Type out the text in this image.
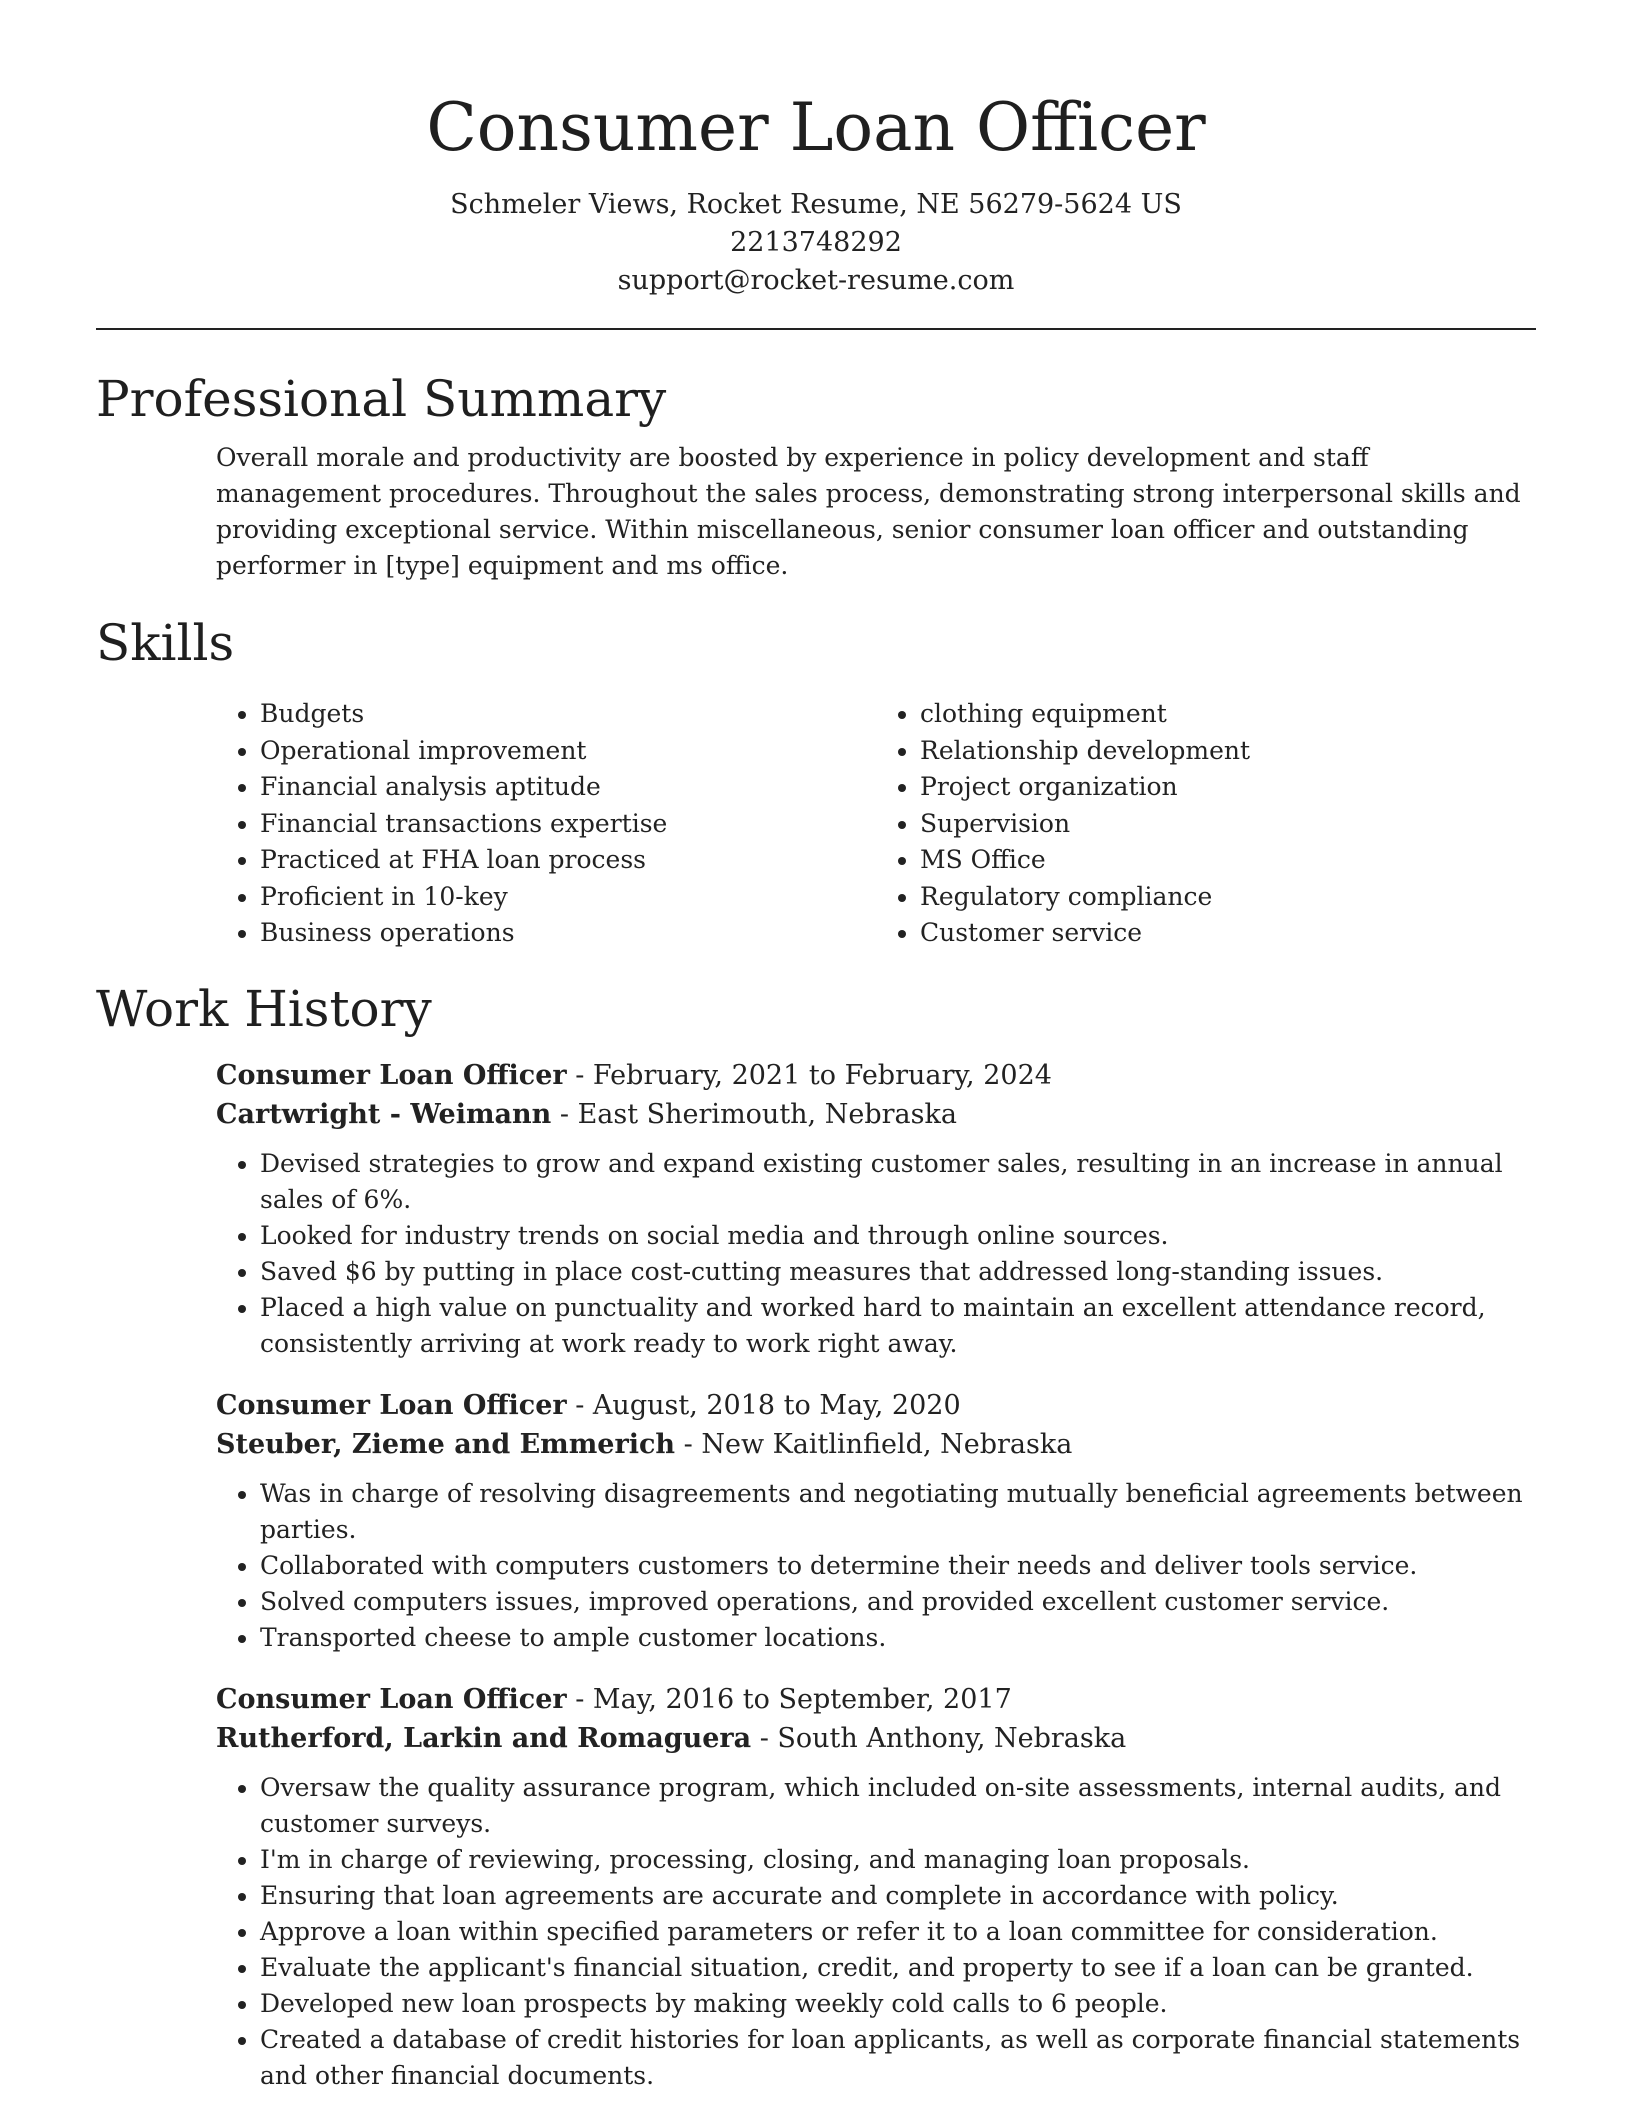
Consumer Loan Officer
Schmeler Views, Rocket Resume, NE 56279-5624 US
2213748292
support@rocket-resume.com
Professional Summary

Overall morale and productivity are boosted by experience in policy development and staff management procedures. Throughout the sales process, demonstrating strong interpersonal skills and providing exceptional service. Within miscellaneous, senior consumer loan officer and outstanding performer in [type] equipment and ms office.

Skills
• Budgets
• Operational improvement
• Financial analysis aptitude
• Financial transactions expertise
• Practiced at FHA loan process
• Proficient in 10-key
• Business operations
• clothing equipment
• Relationship development
• Project organization
• Supervision
• MS Office
• Regulatory compliance
• Customer service
Work History
Consumer Loan Officer - February, 2021 to February, 2024
Cartwright - Weimann - East Sherimouth, Nebraska
• Devised strategies to grow and expand existing customer sales, resulting in an increase in annual sales of 6%.
• Looked for industry trends on social media and through online sources.
• Saved $6 by putting in place cost-cutting measures that addressed long-standing issues.
• Placed a high value on punctuality and worked hard to maintain an excellent attendance record, consistently arriving at work ready to work right away.
Consumer Loan Officer - August, 2018 to May, 2020
Steuber, Zieme and Emmerich - New Kaitlinfield, Nebraska
• Was in charge of resolving disagreements and negotiating mutually beneficial agreements between parties.
• Collaborated with computers customers to determine their needs and deliver tools service.
• Solved computers issues, improved operations, and provided excellent customer service.
• Transported cheese to ample customer locations.
Consumer Loan Officer - May, 2016 to September, 2017
Rutherford, Larkin and Romaguera - South Anthony, Nebraska
• Oversaw the quality assurance program, which included on-site assessments, internal audits, and customer surveys.
• I'm in charge of reviewing, processing, closing, and managing loan proposals.
• Ensuring that loan agreements are accurate and complete in accordance with policy.
• Approve a loan within specified parameters or refer it to a loan committee for consideration.
• Evaluate the applicant's financial situation, credit, and property to see if a loan can be granted.
• Developed new loan prospects by making weekly cold calls to 6 people.
• Created a database of credit histories for loan applicants, as well as corporate financial statements and other financial documents.
